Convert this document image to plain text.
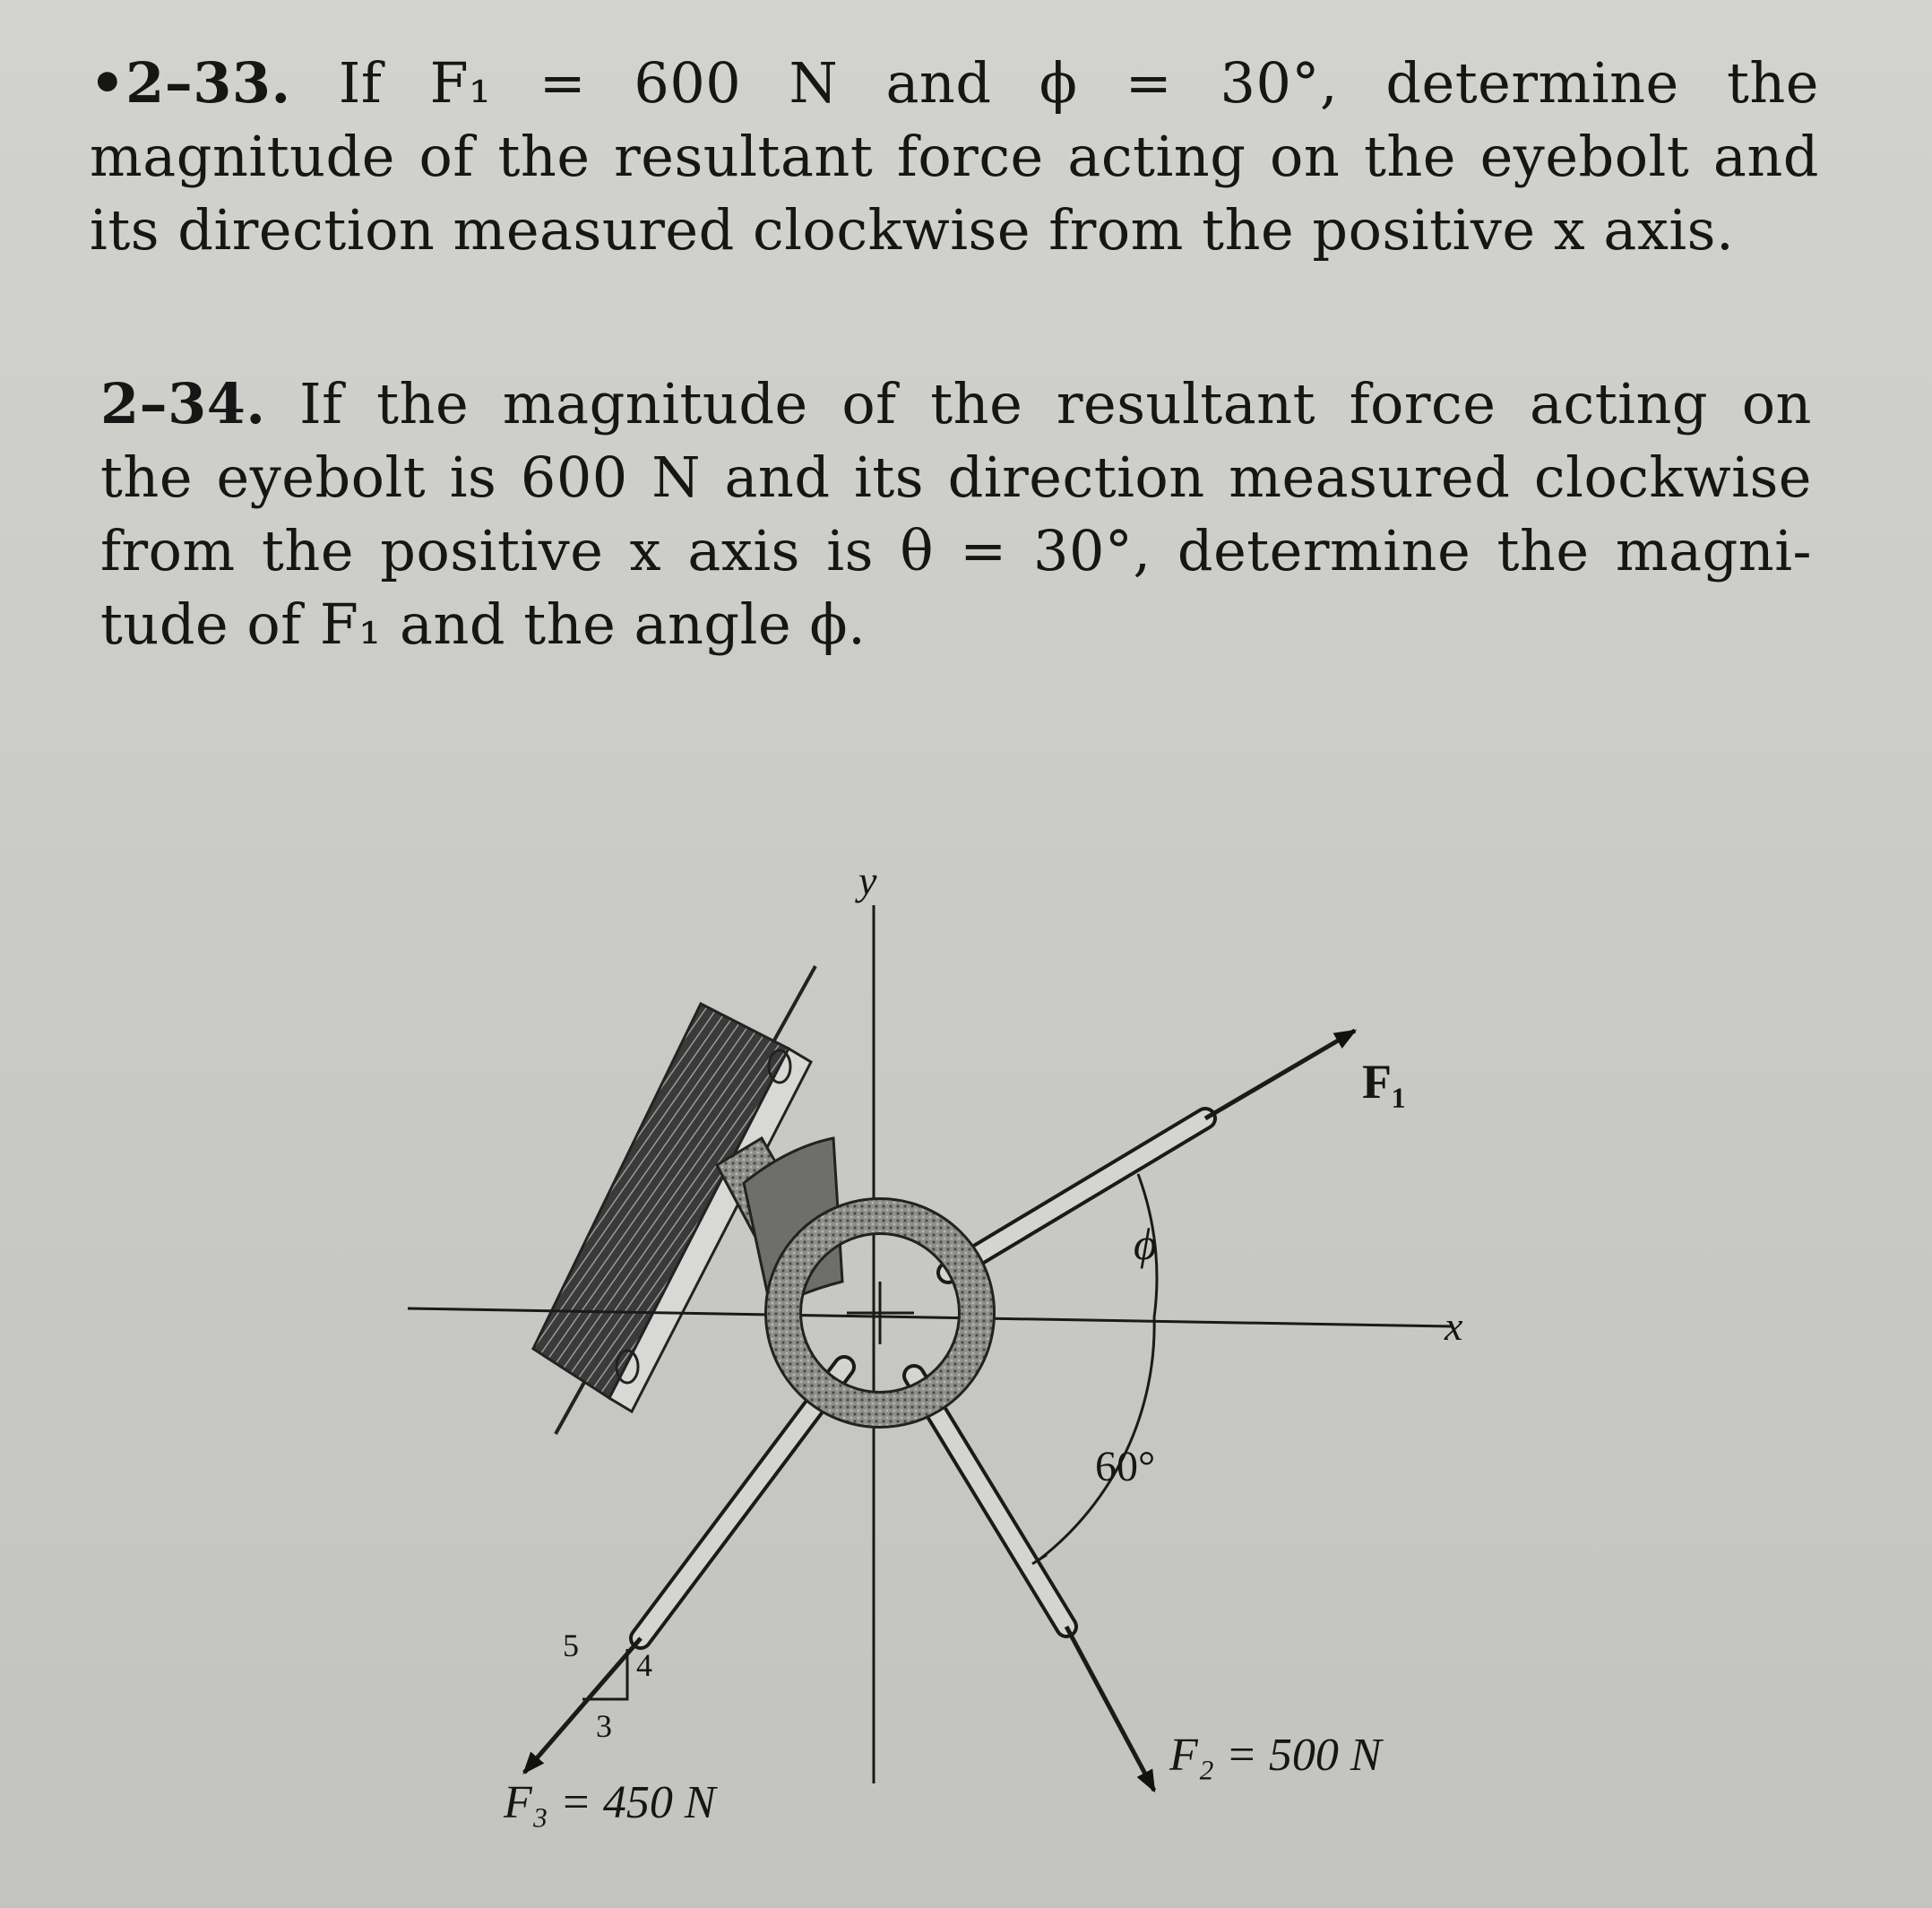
•2–33. If F₁ = 600 N and ϕ = 30°, determine the
magnitude of the resultant force acting on the eyebolt and
its direction measured clockwise from the positive x axis.
2–34. If the magnitude of the resultant force acting on
the eyebolt is 600 N and its direction measured clockwise
from the positive x axis is θ = 30°, determine the magni-
tude of F₁ and the angle ϕ.
5
4
3
y
x
F₁
ϕ
60°
F₂ = 500 N
F₃ = 450 N
